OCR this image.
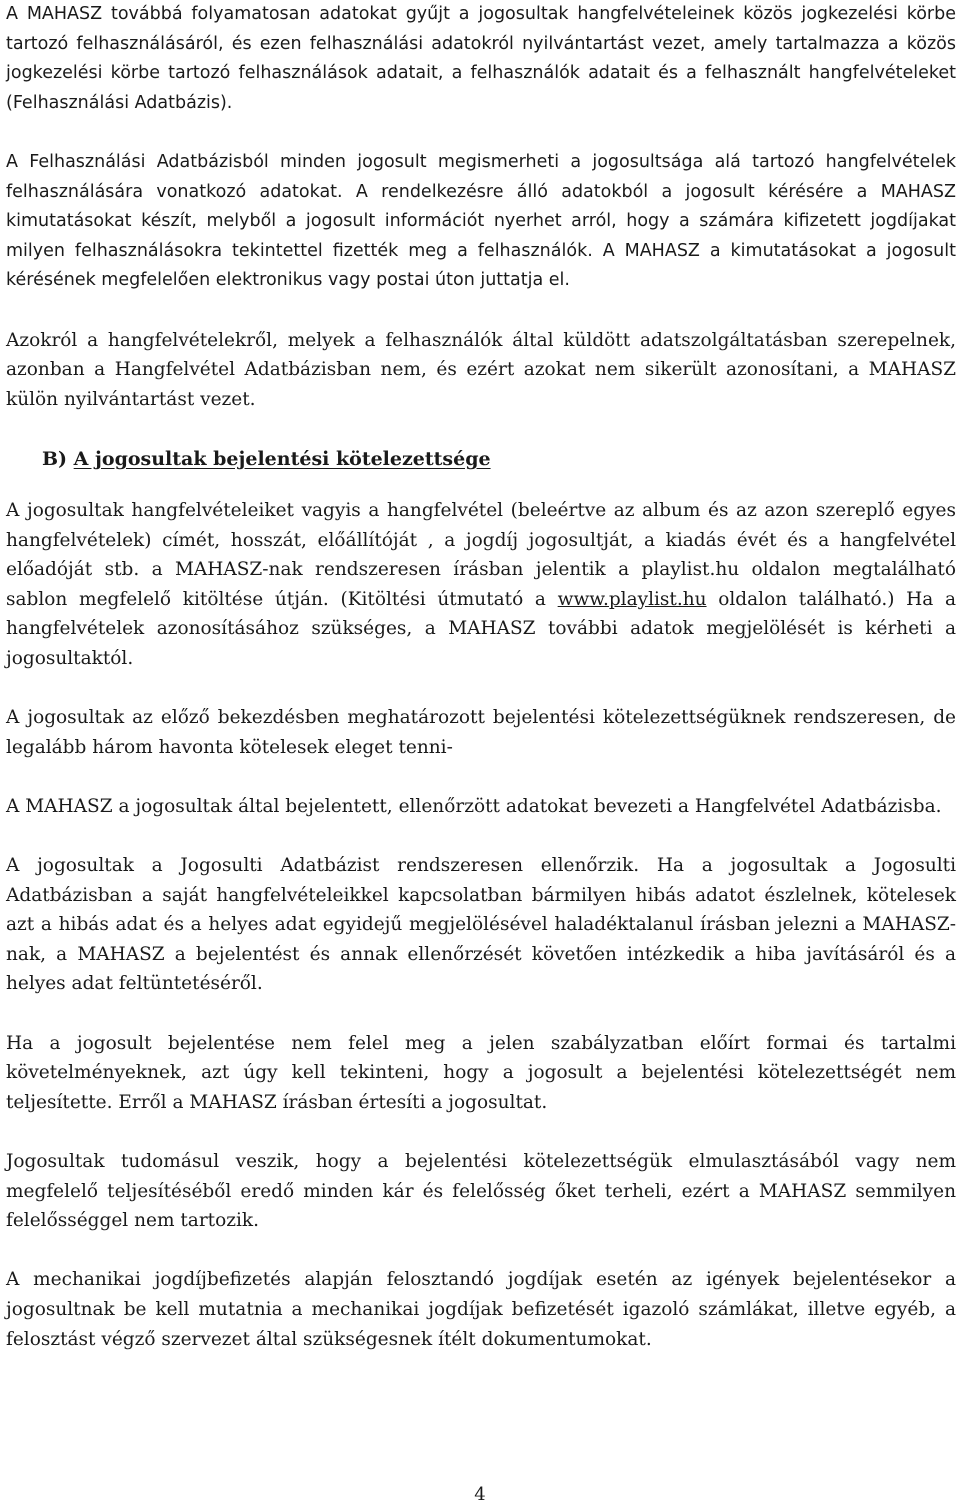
A MAHASZ továbbá folyamatosan adatokat gyűjt a jogosultak hangfelvételeinek közös jogkezelési körbe tartozó felhasználásáról, és ezen felhasználási adatokról nyilvántartást vezet, amely tartalmazza a közös jogkezelési körbe tartozó felhasználások adatait, a felhasználók adatait és a felhasznált hangfelvételeket (Felhasználási Adatbázis).

A Felhasználási Adatbázisból minden jogosult megismerheti a jogosultsága alá tartozó hangfelvételek felhasználására vonatkozó adatokat. A rendelkezésre álló adatokból a jogosult kérésére a MAHASZ kimutatásokat készít, melyből a jogosult információt nyerhet arról, hogy a számára kifizetett jogdíjakat milyen felhasználásokra tekintettel fizették meg a felhasználók. A MAHASZ a kimutatásokat a jogosult kérésének megfelelően elektronikus vagy postai úton juttatja el.

Azokról a hangfelvételekről, melyek a felhasználók által küldött adatszolgáltatásban szerepelnek, azonban a Hangfelvétel Adatbázisban nem, és ezért azokat nem sikerült azonosítani, a MAHASZ külön nyilvántartást vezet.

B) A jogosultak bejelentési kötelezettsége

A jogosultak hangfelvételeiket vagyis a hangfelvétel (beleértve az album és az azon szereplő egyes hangfelvételek) címét, hosszát, előállítóját , a jogdíj jogosultját, a kiadás évét és a hangfelvétel előadóját stb. a MAHASZ-nak rendszeresen írásban jelentik a playlist.hu oldalon megtalálható sablon megfelelő kitöltése útján. (Kitöltési útmutató a www.playlist.hu oldalon található.) Ha a hangfelvételek azonosításához szükséges, a MAHASZ további adatok megjelölését is kérheti a jogosultaktól.

A jogosultak az előző bekezdésben meghatározott bejelentési kötelezettségüknek rendszeresen, de legalább három havonta kötelesek eleget tenni-

A MAHASZ a jogosultak által bejelentett, ellenőrzött adatokat bevezeti a Hangfelvétel Adatbázisba.

A jogosultak a Jogosulti Adatbázist rendszeresen ellenőrzik. Ha a jogosultak a Jogosulti Adatbázisban a saját hangfelvételeikkel kapcsolatban bármilyen hibás adatot észlelnek, kötelesek azt a hibás adat és a helyes adat egyidejű megjelölésével haladéktalanul írásban jelezni a MAHASZ-nak, a MAHASZ a bejelentést és annak ellenőrzését követően intézkedik a hiba javításáról és a helyes adat feltüntetéséről.

Ha a jogosult bejelentése nem felel meg a jelen szabályzatban előírt formai és tartalmi követelményeknek, azt úgy kell tekinteni, hogy a jogosult a bejelentési kötelezettségét nem teljesítette. Erről a MAHASZ írásban értesíti a jogosultat.

Jogosultak tudomásul veszik, hogy a bejelentési kötelezettségük elmulasztásából vagy nem megfelelő teljesítéséből eredő minden kár és felelősség őket terheli, ezért a MAHASZ semmilyen felelősséggel nem tartozik.

A mechanikai jogdíjbefizetés alapján felosztandó jogdíjak esetén az igények bejelentésekor a jogosultnak be kell mutatnia a mechanikai jogdíjak befizetését igazoló számlákat, illetve egyéb, a felosztást végző szervezet által szükségesnek ítélt dokumentumokat.

4
